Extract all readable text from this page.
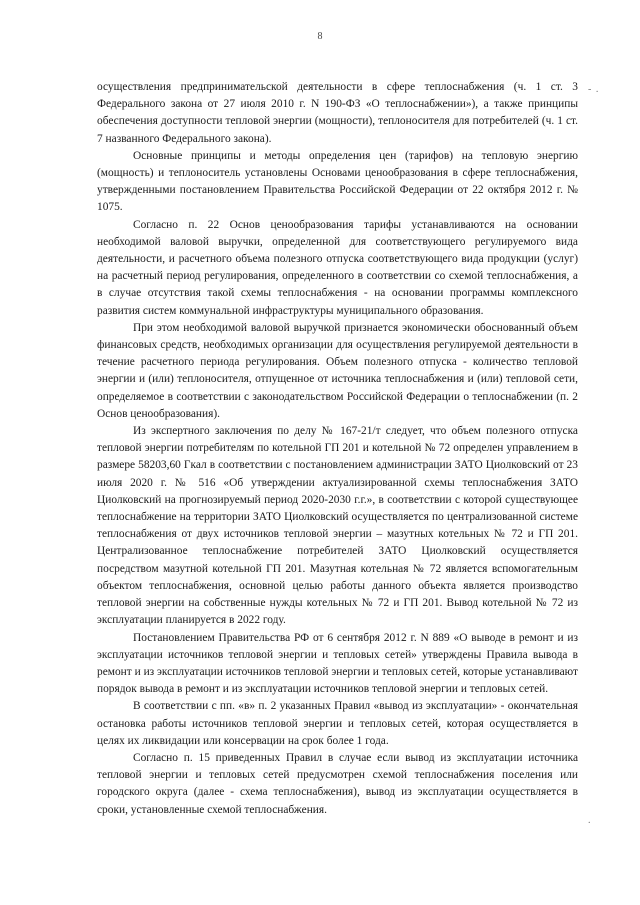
8
- .
.

осуществления предпринимательской деятельности в сфере теплоснабжения (ч. 1 ст. 3 Федерального закона от 27 июля 2010 г. N 190-ФЗ «О теплоснабжении»), а также принципы обеспечения доступности тепловой энергии (мощности), теплоносителя для потребителей (ч. 1 ст. 7 названного Федерального закона).

Основные принципы и методы определения цен (тарифов) на тепловую энергию (мощность) и теплоноситель установлены Основами ценообразования в сфере теплоснабжения, утвержденными постановлением Правительства Российской Федерации от 22 октября 2012 г. № 1075.

Согласно п. 22 Основ ценообразования тарифы устанавливаются на основании необходимой валовой выручки, определенной для соответствующего регулируемого вида деятельности, и расчетного объема полезного отпуска соответствующего вида продукции (услуг) на расчетный период регулирования, определенного в соответствии со схемой теплоснабжения, а в случае отсутствия такой схемы теплоснабжения - на основании программы комплексного развития систем коммунальной инфраструктуры муниципального образования.

При этом необходимой валовой выручкой признается экономически обоснованный объем финансовых средств, необходимых организации для осуществления регулируемой деятельности в течение расчетного периода регулирования. Объем полезного отпуска - количество тепловой энергии и (или) теплоносителя, отпущенное от источника теплоснабжения и (или) тепловой сети, определяемое в соответствии с законодательством Российской Федерации о теплоснабжении (п. 2 Основ ценообразования).

Из экспертного заключения по делу № 167-21/т следует, что объем полезного отпуска тепловой энергии потребителям по котельной ГП 201 и котельной № 72 определен управлением в размере 58203,60 Гкал в соответствии с постановлением администрации ЗАТО Циолковский от 23 июля 2020 г. № 516 «Об утверждении актуализированной схемы теплоснабжения ЗАТО Циолковский на прогнозируемый период 2020-2030 г.г.», в соответствии с которой существующее теплоснабжение на территории ЗАТО Циолковский осуществляется по централизованной системе теплоснабжения от двух источников тепловой энергии – мазутных котельных № 72 и ГП 201. Централизованное теплоснабжение потребителей ЗАТО Циолковский осуществляется посредством мазутной котельной ГП 201. Мазутная котельная № 72 является вспомогательным объектом теплоснабжения, основной целью работы данного объекта является производство тепловой энергии на собственные нужды котельных № 72 и ГП 201. Вывод котельной № 72 из эксплуатации планируется в 2022 году.

Постановлением Правительства РФ от 6 сентября 2012 г. N 889 «О выводе в ремонт и из эксплуатации источников тепловой энергии и тепловых сетей» утверждены Правила вывода в ремонт и из эксплуатации источников тепловой энергии и тепловых сетей, которые устанавливают порядок вывода в ремонт и из эксплуатации источников тепловой энергии и тепловых сетей.

В соответствии с пп. «в» п. 2 указанных Правил «вывод из эксплуатации» - окончательная остановка работы источников тепловой энергии и тепловых сетей, которая осуществляется в целях их ликвидации или консервации на срок более 1 года.

Согласно п. 15 приведенных Правил в случае если вывод из эксплуатации источника тепловой энергии и тепловых сетей предусмотрен схемой теплоснабжения поселения или городского округа (далее - схема теплоснабжения), вывод из эксплуатации осуществляется в сроки, установленные схемой теплоснабжения.
